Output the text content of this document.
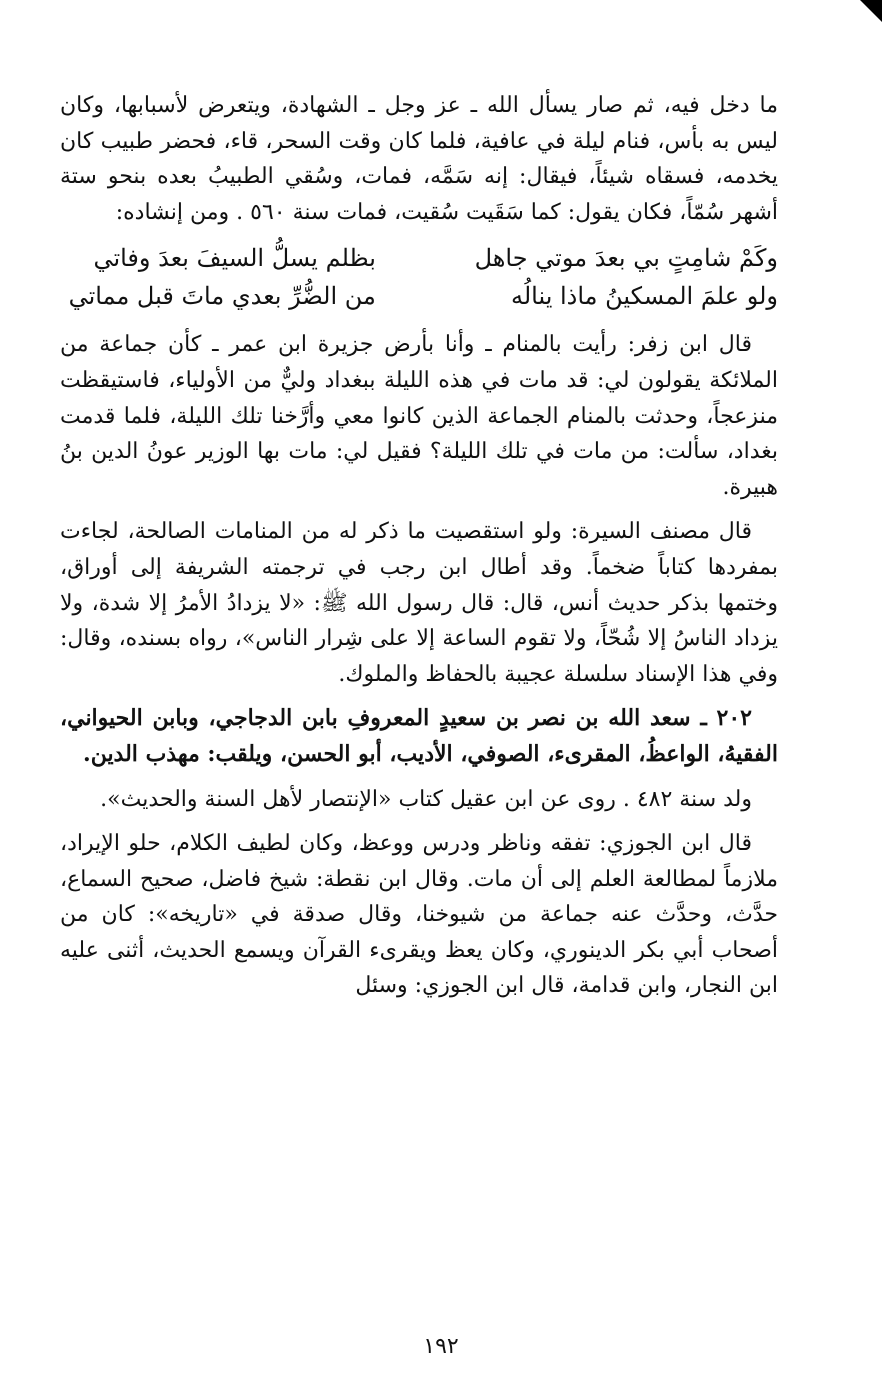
ما دخل فيه، ثم صار يسأل الله ـ عز وجل ـ الشهادة، ويتعرض لأسبابها، وكان ليس به بأس، فنام ليلة في عافية، فلما كان وقت السحر، قاء، فحضر طبيب كان يخدمه، فسقاه شيئاً، فيقال: إنه سَمَّه، فمات، وسُقي الطبيبُ بعده بنحو ستة أشهر سُمّاً، فكان يقول: كما سَقَيت سُقيت، فمات سنة ٥٦٠ . ومن إنشاده:

وكَمْ شامِتٍ بي بعدَ موتي جاهل
بظلم يسلُّ السيفَ بعدَ وفاتي
ولو علمَ المسكينُ ماذا ينالُه
من الضُّرِّ بعدي ماتَ قبل مماتي

قال ابن زفر: رأيت بالمنام ـ وأنا بأرض جزيرة ابن عمر ـ كأن جماعة من الملائكة يقولون لي: قد مات في هذه الليلة ببغداد وليٌّ من الأولياء، فاستيقظت منزعجاً، وحدثت بالمنام الجماعة الذين كانوا معي وأرَّخنا تلك الليلة، فلما قدمت بغداد، سألت: من مات في تلك الليلة؟ فقيل لي: مات بها الوزير عونُ الدين بنُ هبيرة.

قال مصنف السيرة: ولو استقصيت ما ذكر له من المنامات الصالحة، لجاءت بمفردها كتاباً ضخماً. وقد أطال ابن رجب في ترجمته الشريفة إلى أوراق، وختمها بذكر حديث أنس، قال: قال رسول الله ﷺ: «لا يزدادُ الأمرُ إلا شدة، ولا يزداد الناسُ إلا شُحّاً، ولا تقوم الساعة إلا على شِرار الناس»، رواه بسنده، وقال: وفي هذا الإسناد سلسلة عجيبة بالحفاظ والملوك.

٢٠٢ ـ سعد الله بن نصر بن سعيدٍ المعروفِ بابن الدجاجي، وبابن الحيواني، الفقيهُ، الواعظُ، المقرىء، الصوفي، الأديب، أبو الحسن، ويلقب: مهذب الدين.

ولد سنة ٤٨٢ . روى عن ابن عقيل كتاب «الإنتصار لأهل السنة والحديث».

قال ابن الجوزي: تفقه وناظر ودرس ووعظ، وكان لطيف الكلام، حلو الإيراد، ملازماً لمطالعة العلم إلى أن مات. وقال ابن نقطة: شيخ فاضل، صحيح السماع، حدَّث، وحدَّث عنه جماعة من شيوخنا، وقال صدقة في «تاريخه»: كان من أصحاب أبي بكر الدينوري، وكان يعظ ويقرىء القرآن ويسمع الحديث، أثنى عليه ابن النجار، وابن قدامة، قال ابن الجوزي: وسئل

١٩٢
